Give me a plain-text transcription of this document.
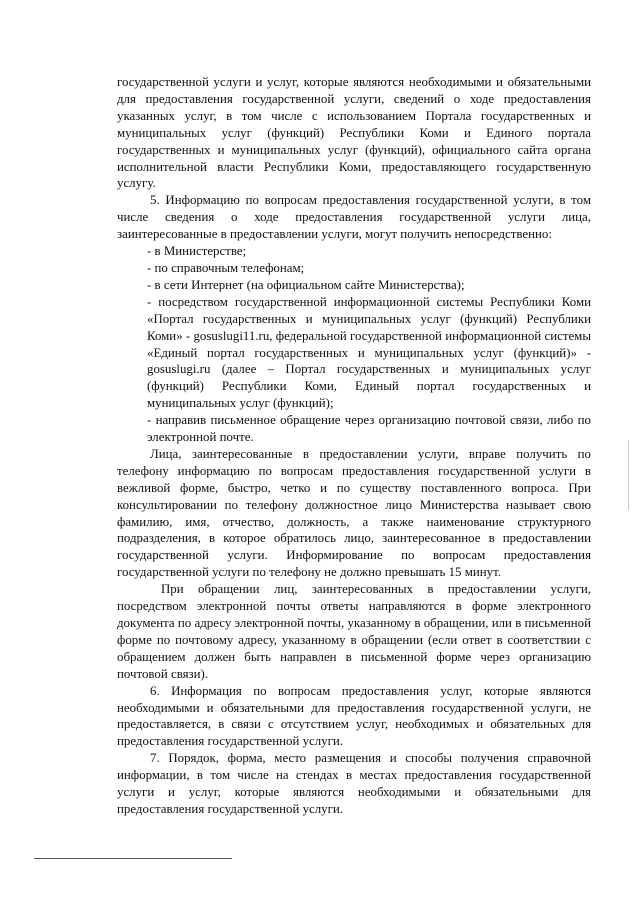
государственной услуги и услуг, которые являются необходимыми и обязательными для предоставления государственной услуги, сведений о ходе предоставления указанных услуг, в том числе с использованием Портала государственных и муниципальных услуг (функций) Республики Коми и Единого портала государственных и муниципальных услуг (функций), официального сайта органа исполнительной власти Республики Коми, предоставляющего государственную услугу.

5. Информацию по вопросам предоставления государственной услуги, в том числе сведения о ходе предоставления государственной услуги лица, заинтересованные в предоставлении услуги, могут получить непосредственно:

- в Министерстве;

- по справочным телефонам;

- в сети Интернет (на официальном сайте Министерства);

- посредством государственной информационной системы Республики Коми «Портал государственных и муниципальных услуг (функций) Республики Коми» - gosuslugi11.ru, федеральной государственной информационной системы «Единый портал государственных и муниципальных услуг (функций)» - gosuslugi.ru (далее – Портал государственных и муниципальных услуг (функций) Республики Коми, Единый портал государственных и муниципальных услуг (функций);

- направив письменное обращение через организацию почтовой связи, либо по электронной почте.

Лица, заинтересованные в предоставлении услуги, вправе получить по телефону информацию по вопросам предоставления государственной услуги в вежливой форме, быстро, четко и по существу поставленного вопроса. При консультировании по телефону должностное лицо Министерства называет свою фамилию, имя, отчество, должность, а также наименование структурного подразделения, в которое обратилось лицо, заинтересованное в предоставлении государственной услуги. Информирование по вопросам предоставления государственной услуги по телефону не должно превышать 15 минут.

При обращении лиц, заинтересованных в предоставлении услуги, посредством электронной почты ответы направляются в форме электронного документа по адресу электронной почты, указанному в обращении, или в письменной форме по почтовому адресу, указанному в обращении (если ответ в соответствии с обращением должен быть направлен в письменной форме через организацию почтовой связи).

6. Информация по вопросам предоставления услуг, которые являются необходимыми и обязательными для предоставления государственной услуги, не предоставляется, в связи с отсутствием услуг, необходимых и обязательных для предоставления государственной услуги.

7. Порядок, форма, место размещения и способы получения справочной информации, в том числе на стендах в местах предоставления государственной услуги и услуг, которые являются необходимыми и обязательными для предоставления государственной услуги.
